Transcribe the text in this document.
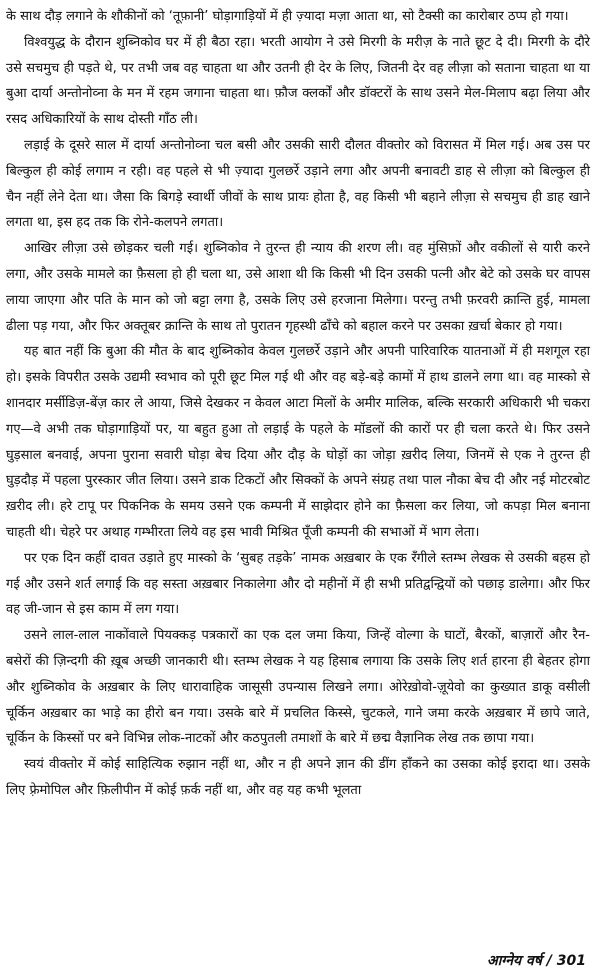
के साथ दौड़ लगाने के शौकीनों को ‘तूफ़ानी’ घोड़ागाड़ियों में ही ज़्यादा मज़ा आता था, सो टैक्सी का कारोबार ठप्प हो गया।

विश्वयुद्ध के दौरान शुब्निकोव घर में ही बैठा रहा। भरती आयोग ने उसे मिरगी के मरीज़ के नाते छूट दे दी। मिरगी के दौरे उसे सचमुच ही पड़ते थे, पर तभी जब वह चाहता था और उतनी ही देर के लिए, जितनी देर वह लीज़ा को सताना चाहता था या बुआ दार्या अन्तोनोव्ना के मन में रहम जगाना चाहता था। फ़ौज क्लर्कों और डॉक्टरों के साथ उसने मेल-मिलाप बढ़ा लिया और रसद अधिकारियों के साथ दोस्ती गाँठ ली।

लड़ाई के दूसरे साल में दार्या अन्तोनोव्ना चल बसी और उसकी सारी दौलत वीक्तोर को विरासत में मिल गई। अब उस पर बिल्कुल ही कोई लगाम न रही। वह पहले से भी ज़्यादा गुलछर्रे उड़ाने लगा और अपनी बनावटी डाह से लीज़ा को बिल्कुल ही चैन नहीं लेने देता था। जैसा कि बिगड़े स्वार्थी जीवों के साथ प्रायः होता है, वह किसी भी बहाने लीज़ा से सचमुच ही डाह खाने लगता था, इस हद तक कि रोने-कलपने लगता।

आखिर लीज़ा उसे छोड़कर चली गई। शुब्निकोव ने तुरन्त ही न्याय की शरण ली। वह मुंसिफ़ों और वकीलों से यारी करने लगा, और उसके मामले का फ़ैसला हो ही चला था, उसे आशा थी कि किसी भी दिन उसकी पत्नी और बेटे को उसके घर वापस लाया जाएगा और पति के मान को जो बट्टा लगा है, उसके लिए उसे हरजाना मिलेगा। परन्तु तभी फ़रवरी क्रान्ति हुई, मामला ढीला पड़ गया, और फिर अक्तूबर क्रान्ति के साथ तो पुरातन गृहस्थी ढाँचे को बहाल करने पर उसका ख़र्चा बेकार हो गया।

यह बात नहीं कि बुआ की मौत के बाद शुब्निकोव केवल गुलछर्रे उड़ाने और अपनी पारिवारिक यातनाओं में ही मशगूल रहा हो। इसके विपरीत उसके उद्यमी स्वभाव को पूरी छूट मिल गई थी और वह बड़े-बड़े कामों में हाथ डालने लगा था। वह मास्को से शानदार मर्सीडिज़-बेंज़ कार ले आया, जिसे देखकर न केवल आटा मिलों के अमीर मालिक, बल्कि सरकारी अधिकारी भी चकरा गए—वे अभी तक घोड़ागाड़ियों पर, या बहुत हुआ तो लड़ाई के पहले के मॉडलों की कारों पर ही चला करते थे। फिर उसने घुड़साल बनवाई, अपना पुराना सवारी घोड़ा बेच दिया और दौड़ के घोड़ों का जोड़ा ख़रीद लिया, जिनमें से एक ने तुरन्त ही घुड़दौड़ में पहला पुरस्कार जीत लिया। उसने डाक टिकटों और सिक्कों के अपने संग्रह तथा पाल नौका बेच दी और नई मोटरबोट ख़रीद ली। हरे टापू पर पिकनिक के समय उसने एक कम्पनी में साझेदार होने का फ़ैसला कर लिया, जो कपड़ा मिल बनाना चाहती थी। चेहरे पर अथाह गम्भीरता लिये वह इस भावी मिश्रित पूँजी कम्पनी की सभाओं में भाग लेता।

पर एक दिन कहीं दावत उड़ाते हुए मास्को के ‘सुबह तड़के’ नामक अख़बार के एक रँगीले स्तम्भ लेखक से उसकी बहस हो गई और उसने शर्त लगाई कि वह सस्ता अख़बार निकालेगा और दो महीनों में ही सभी प्रतिद्वन्द्वियों को पछाड़ डालेगा। और फिर वह जी-जान से इस काम में लग गया।

उसने लाल-लाल नाकोंवाले पियक्कड़ पत्रकारों का एक दल जमा किया, जिन्हें वोल्गा के घाटों, बैरकों, बाज़ारों और रैन-बसेरों की ज़िन्दगी की ख़ूब अच्छी जानकारी थी। स्तम्भ लेखक ने यह हिसाब लगाया कि उसके लिए शर्त हारना ही बेहतर होगा और शुब्निकोव के अख़बार के लिए धारावाहिक जासूसी उपन्यास लिखने लगा। ओरेख़ोवो-ज़ूयेवो का कुख्यात डाकू वसीली चूर्किन अख़बार का भाड़े का हीरो बन गया। उसके बारे में प्रचलित किस्से, चुटकले, गाने जमा करके अख़बार में छापे जाते, चूर्किन के किस्सों पर बने विभिन्न लोक-नाटकों और कठपुतली तमाशों के बारे में छद्म वैज्ञानिक लेख तक छापा गया।

स्वयं वीक्तोर में कोई साहित्यिक रुझान नहीं था, और न ही अपने ज्ञान की डींग हाँकने का उसका कोई इरादा था। उसके लिए फ़्रेमोपिल और फ़िलीपीन में कोई फ़र्क नहीं था, और वह यह कभी भूलता

आग्नेय वर्ष / 301
